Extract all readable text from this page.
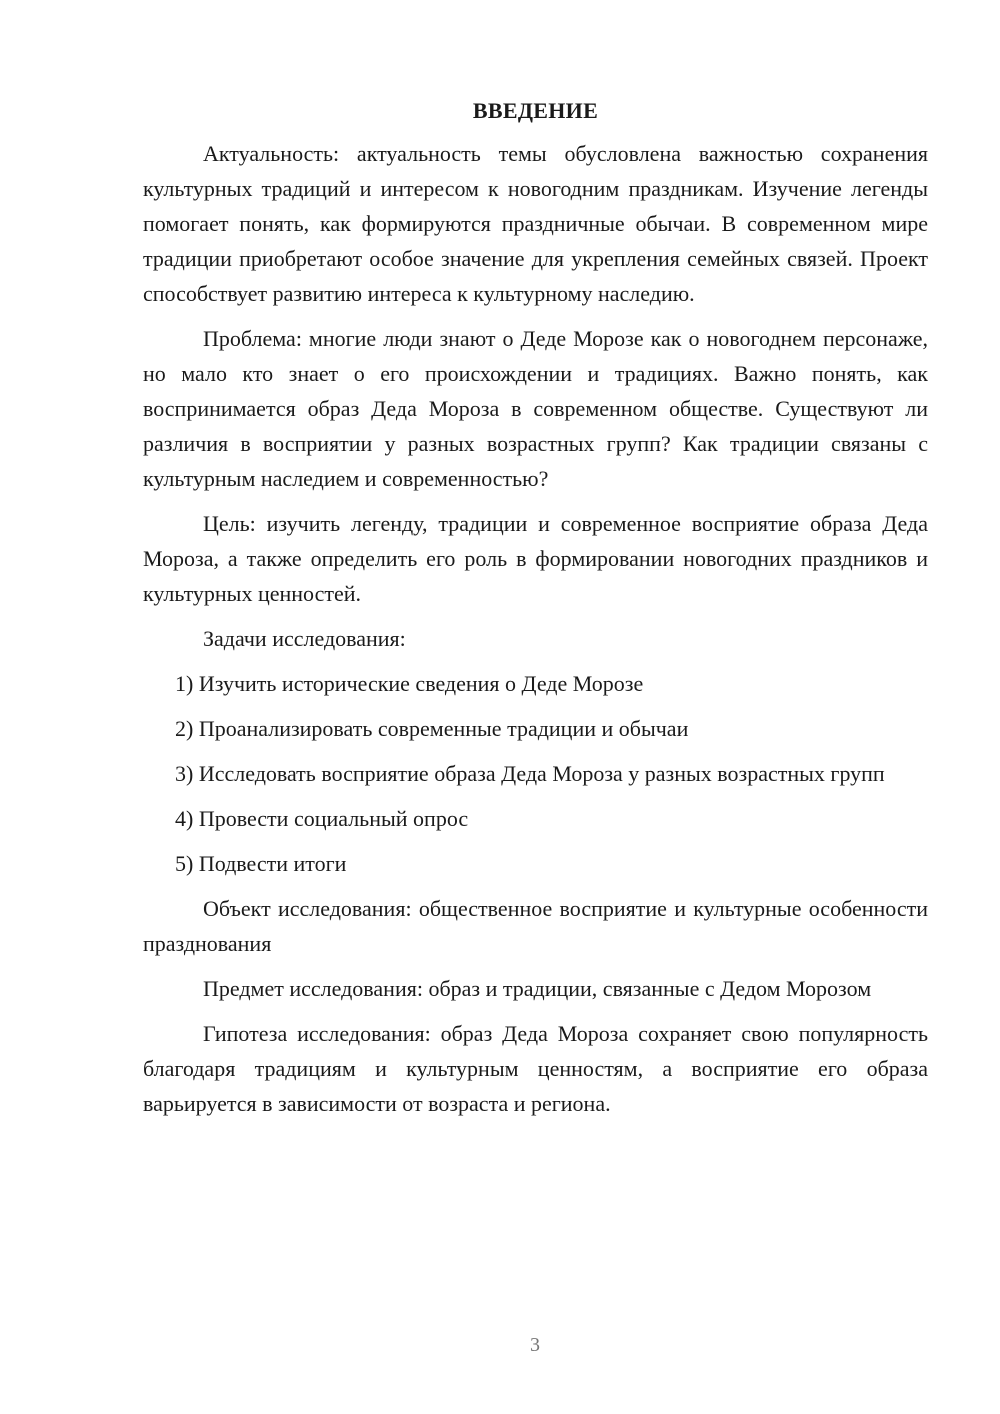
ВВЕДЕНИЕ

Актуальность: актуальность темы обусловлена важностью сохранения культурных традиций и интересом к новогодним праздникам. Изучение легенды помогает понять, как формируются праздничные обычаи. В современном мире традиции приобретают особое значение для укрепления семейных связей. Проект способствует развитию интереса к культурному наследию.

Проблема: многие люди знают о Деде Морозе как о новогоднем персонаже, но мало кто знает о его происхождении и традициях. Важно понять, как воспринимается образ Деда Мороза в современном обществе. Существуют ли различия в восприятии у разных возрастных групп? Как традиции связаны с культурным наследием и современностью?

Цель: изучить легенду, традиции и современное восприятие образа Деда Мороза, а также определить его роль в формировании новогодних праздников и культурных ценностей.

Задачи исследования:

1) Изучить исторические сведения о Деде Морозе

2) Проанализировать современные традиции и обычаи

3) Исследовать восприятие образа Деда Мороза у разных возрастных групп

4) Провести социальный опрос

5) Подвести итоги

Объект исследования: общественное восприятие и культурные особенности празднования

Предмет исследования: образ и традиции, связанные с Дедом Морозом

Гипотеза исследования: образ Деда Мороза сохраняет свою популярность благодаря традициям и культурным ценностям, а восприятие его образа варьируется в зависимости от возраста и региона.

3
